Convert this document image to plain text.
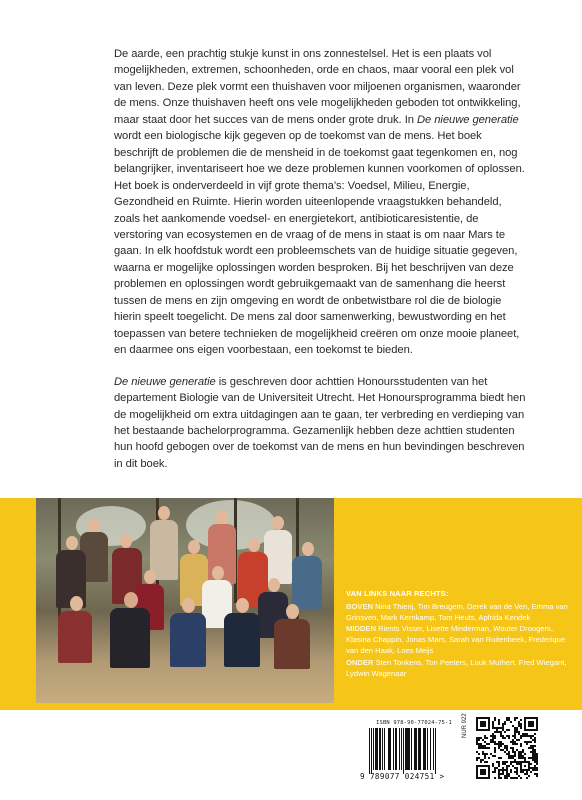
De aarde, een prachtig stukje kunst in ons zonnestelsel. Het is een plaats vol mogelijkheden, extremen, schoonheden, orde en chaos, maar vooral een plek vol van leven. Deze plek vormt een thuishaven voor miljoenen organismen, waaronder de mens. Onze thuishaven heeft ons vele mogelijkheden geboden tot ontwikkeling, maar staat door het succes van de mens onder grote druk. In De nieuwe generatie wordt een biologische kijk gegeven op de toekomst van de mens. Het boek beschrijft de problemen die de mensheid in de toekomst gaat tegenkomen en, nog belangrijker, inventariseert hoe we deze problemen kunnen voorkomen of oplossen. Het boek is onderverdeeld in vijf grote thema’s: Voedsel, Milieu, Energie, Gezondheid en Ruimte. Hierin worden uiteenlopende vraagstukken behandeld, zoals het aankomende voedsel- en energietekort, antibioticaresistentie, de verstoring van ecosystemen en de vraag of de mens in staat is om naar Mars te gaan. In elk hoofdstuk wordt een probleemschets van de huidige situatie gegeven, waarna er mogelijke oplossingen worden besproken. Bij het beschrijven van deze problemen en oplossingen wordt gebruikgemaakt van de samenhang die heerst tussen de mens en zijn omgeving en wordt de onbetwistbare rol die de biologie hierin speelt toegelicht. De mens zal door samenwerking, bewustwording en het toepassen van betere technieken de mogelijkheid creëren om onze mooie planeet, en daarmee ons eigen voorbestaan, een toekomst te bieden.

De nieuwe generatie is geschreven door achttien Honoursstudenten van het departement Biologie van de Universiteit Utrecht. Het Honoursprogramma biedt hen de mogelijkheid om extra uitdagingen aan te gaan, ter verbreding en verdieping van het bestaande bachelorprogramma. Gezamenlijk hebben deze achttien studenten hun hoofd gebogen over de toekomst van de mens en hun bevindingen beschreven in dit boek.

VAN LINKS NAAR RECHTS:

BOVEN Nina Thierij, Tim Breugem, Derek van de Ven, Emma van Grinsven, Mark Kernkamp, Tom Heuts, Apfrida Kendek

MIDDEN Rients Visser, Lisette Minderman, Wouter Droogers, Klasina Chappin, Jonas Mars, Sarah van Ruitenbeek, Frederique van den Haak, Loes Meijs

ONDER Sten Tonkens, Ton Peeters, Luuk Muthert, Fred Wiegant, Lydwin Wagenaar

ISBN 978-90-77024-75-1
9 789077 024751 >
NUR 922
